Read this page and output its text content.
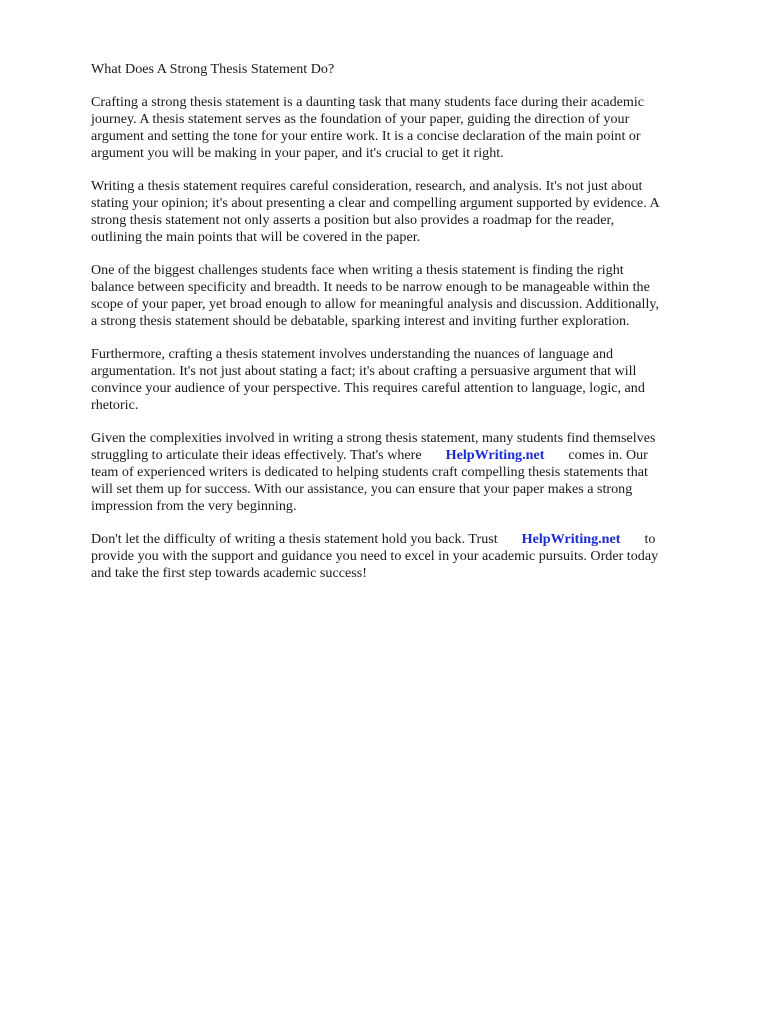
What Does A Strong Thesis Statement Do?
Crafting a strong thesis statement is a daunting task that many students face during their academic
journey. A thesis statement serves as the foundation of your paper, guiding the direction of your
argument and setting the tone for your entire work. It is a concise declaration of the main point or
argument you will be making in your paper, and it's crucial to get it right.
Writing a thesis statement requires careful consideration, research, and analysis. It's not just about
stating your opinion; it's about presenting a clear and compelling argument supported by evidence. A
strong thesis statement not only asserts a position but also provides a roadmap for the reader,
outlining the main points that will be covered in the paper.
One of the biggest challenges students face when writing a thesis statement is finding the right
balance between specificity and breadth. It needs to be narrow enough to be manageable within the
scope of your paper, yet broad enough to allow for meaningful analysis and discussion. Additionally,
a strong thesis statement should be debatable, sparking interest and inviting further exploration.
Furthermore, crafting a thesis statement involves understanding the nuances of language and
argumentation. It's not just about stating a fact; it's about crafting a persuasive argument that will
convince your audience of your perspective. This requires careful attention to language, logic, and
rhetoric.
Given the complexities involved in writing a strong thesis statement, many students find themselves
struggling to articulate their ideas effectively. That's where HelpWriting.net comes in. Our
team of experienced writers is dedicated to helping students craft compelling thesis statements that
will set them up for success. With our assistance, you can ensure that your paper makes a strong
impression from the very beginning.
Don't let the difficulty of writing a thesis statement hold you back. Trust HelpWriting.net to
provide you with the support and guidance you need to excel in your academic pursuits. Order today
and take the first step towards academic success!
